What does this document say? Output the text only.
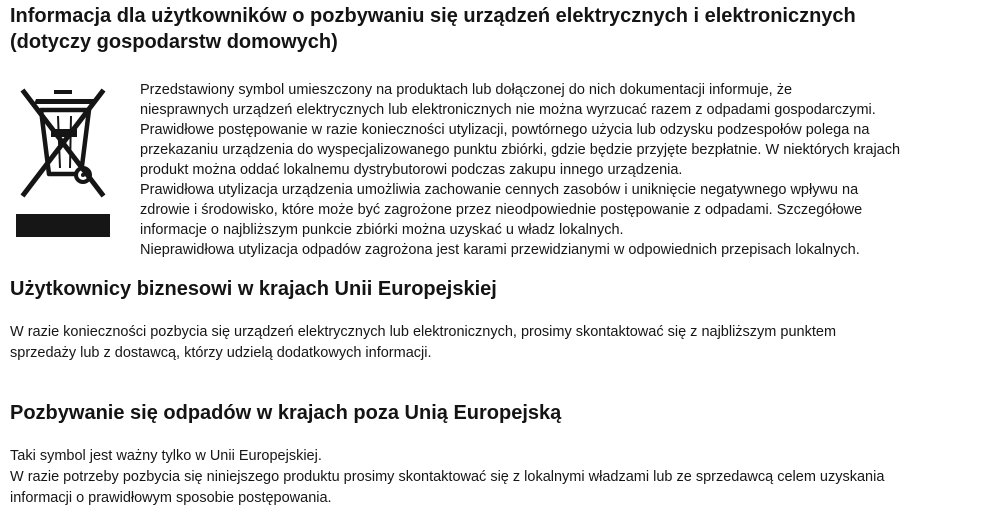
Informacja dla użytkowników o pozbywaniu się urządzeń elektrycznych i elektronicznych
(dotyczy gospodarstw domowych)

Przedstawiony symbol umieszczony na produktach lub dołączonej do nich dokumentacji informuje, że

niesprawnych urządzeń elektrycznych lub elektronicznych nie można wyrzucać razem z odpadami gospodarczymi.

Prawidłowe postępowanie w razie konieczności utylizacji, powtórnego użycia lub odzysku podzespołów polega na

przekazaniu urządzenia do wyspecjalizowanego punktu zbiórki, gdzie będzie przyjęte bezpłatnie. W niektórych krajach

produkt można oddać lokalnemu dystrybutorowi podczas zakupu innego urządzenia.

Prawidłowa utylizacja urządzenia umożliwia zachowanie cennych zasobów i uniknięcie negatywnego wpływu na

zdrowie i środowisko, które może być zagrożone przez nieodpowiednie postępowanie z odpadami. Szczegółowe

informacje o najbliższym punkcie zbiórki można uzyskać u władz lokalnych.

Nieprawidłowa utylizacja odpadów zagrożona jest karami przewidzianymi w odpowiednich przepisach lokalnych.

Użytkownicy biznesowi w krajach Unii Europejskiej

W razie konieczności pozbycia się urządzeń elektrycznych lub elektronicznych, prosimy skontaktować się z najbliższym punktem
sprzedaży lub z dostawcą, którzy udzielą dodatkowych informacji.

Pozbywanie się odpadów w krajach poza Unią Europejską

Taki symbol jest ważny tylko w Unii Europejskiej.
W razie potrzeby pozbycia się niniejszego produktu prosimy skontaktować się z lokalnymi władzami lub ze sprzedawcą celem uzyskania
informacji o prawidłowym sposobie postępowania.
